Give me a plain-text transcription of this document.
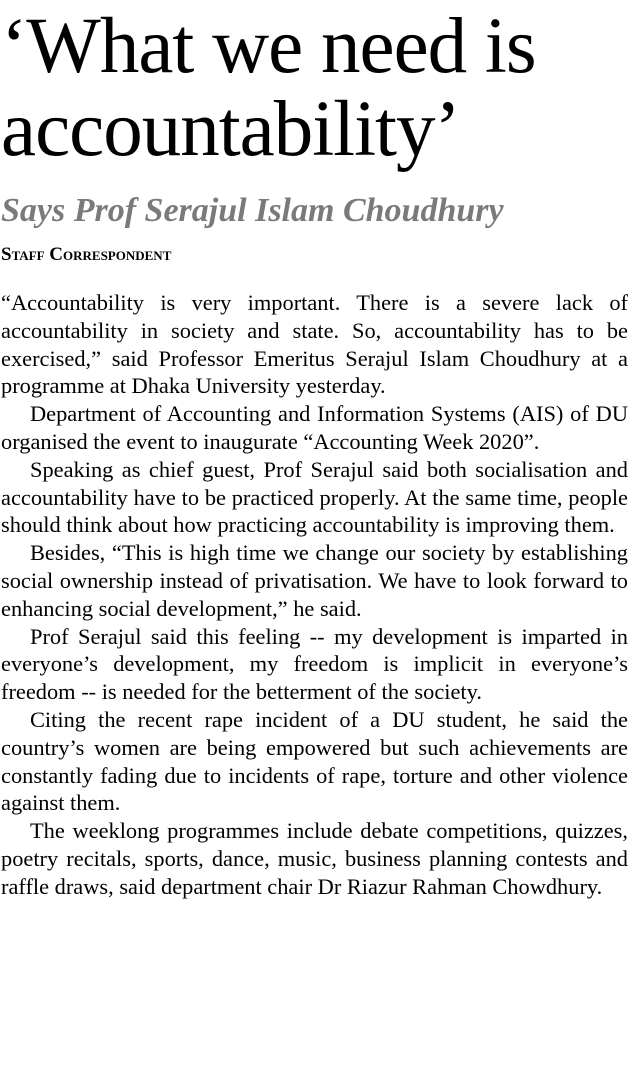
‘What we need is
accountability’
Says Prof Serajul Islam Choudhury
Staff Correspondent

“Accountability is very important. There is a severe lack of accountability in society and state. So, accountability has to be exercised,” said Professor Emeritus Serajul Islam Choudhury at a programme at Dhaka University yesterday.

Department of Accounting and Information Systems (AIS) of DU organised the event to inaugurate “Accounting Week 2020”.

Speaking as chief guest, Prof Serajul said both socialisation and accountability have to be practiced properly. At the same time, people should think about how practicing accountability is improving them.

Besides, “This is high time we change our society by establishing social ownership instead of privatisation. We have to look forward to enhancing social development,” he said.

Prof Serajul said this feeling -- my development is imparted in everyone’s development, my freedom is implicit in everyone’s freedom -- is needed for the betterment of the society.

Citing the recent rape incident of a DU student, he said the country’s women are being empowered but such achievements are constantly fading due to incidents of rape, torture and other violence against them.

The weeklong programmes include debate competitions, quizzes, poetry recitals, sports, dance, music, business planning contests and raffle draws, said department chair Dr Riazur Rahman Chowdhury.
